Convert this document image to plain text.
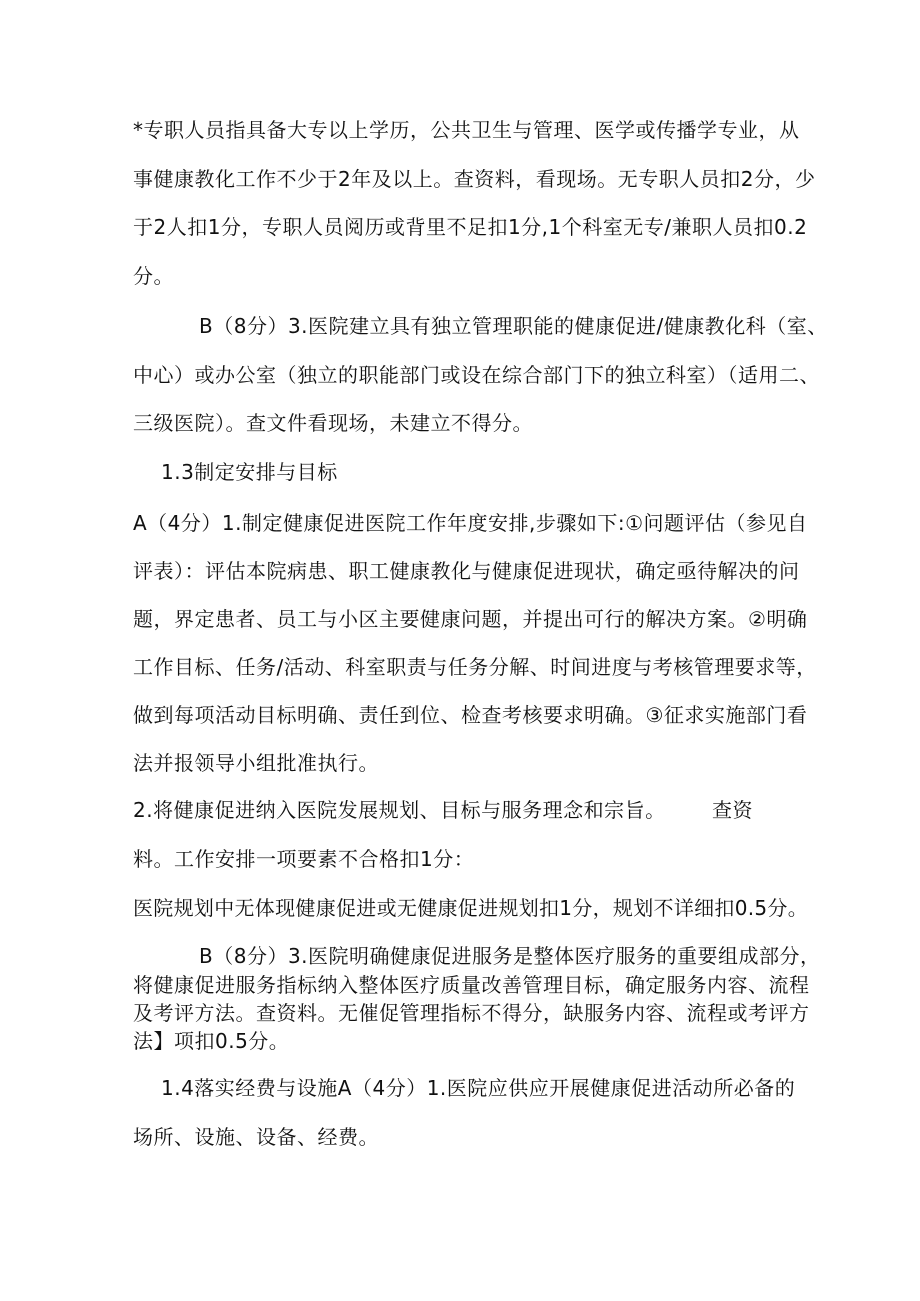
*专职人员指具备大专以上学历，公共卫生与管理、医学或传播学专业，从
事健康教化工作不少于2年及以上。查资料，看现场。无专职人员扣2分，少
于2人扣1分，专职人员阅历或背里不足扣1分,1个科室无专/兼职人员扣0.2
分。
B（8分）3.医院建立具有独立管理职能的健康促进/健康教化科（室、
中心）或办公室（独立的职能部门或设在综合部门下的独立科室）（适用二、
三级医院）。查文件看现场，未建立不得分。
1.3制定安排与目标
A（4分）1.制定健康促进医院工作年度安排,步骤如下:①问题评估（参见自
评表）：评估本院病患、职工健康教化与健康促进现状，确定亟待解决的问
题，界定患者、员工与小区主要健康问题，并提出可行的解决方案。②明确
工作目标、任务/活动、科室职责与任务分解、时间进度与考核管理要求等，
做到每项活动目标明确、责任到位、检查考核要求明确。③征求实施部门看
法并报领导小组批准执行。
2.将健康促进纳入医院发展规划、目标与服务理念和宗旨。 查资
料。工作安排一项要素不合格扣1分：
医院规划中无体现健康促进或无健康促进规划扣1分，规划不详细扣0.5分。
B（8分）3.医院明确健康促进服务是整体医疗服务的重要组成部分，
将健康促进服务指标纳入整体医疗质量改善管理目标，确定服务内容、流程
及考评方法。查资料。无催促管理指标不得分，缺服务内容、流程或考评方
法】项扣0.5分。
1.4落实经费与设施A（4分）1.医院应供应开展健康促进活动所必备的
场所、设施、设备、经费。
